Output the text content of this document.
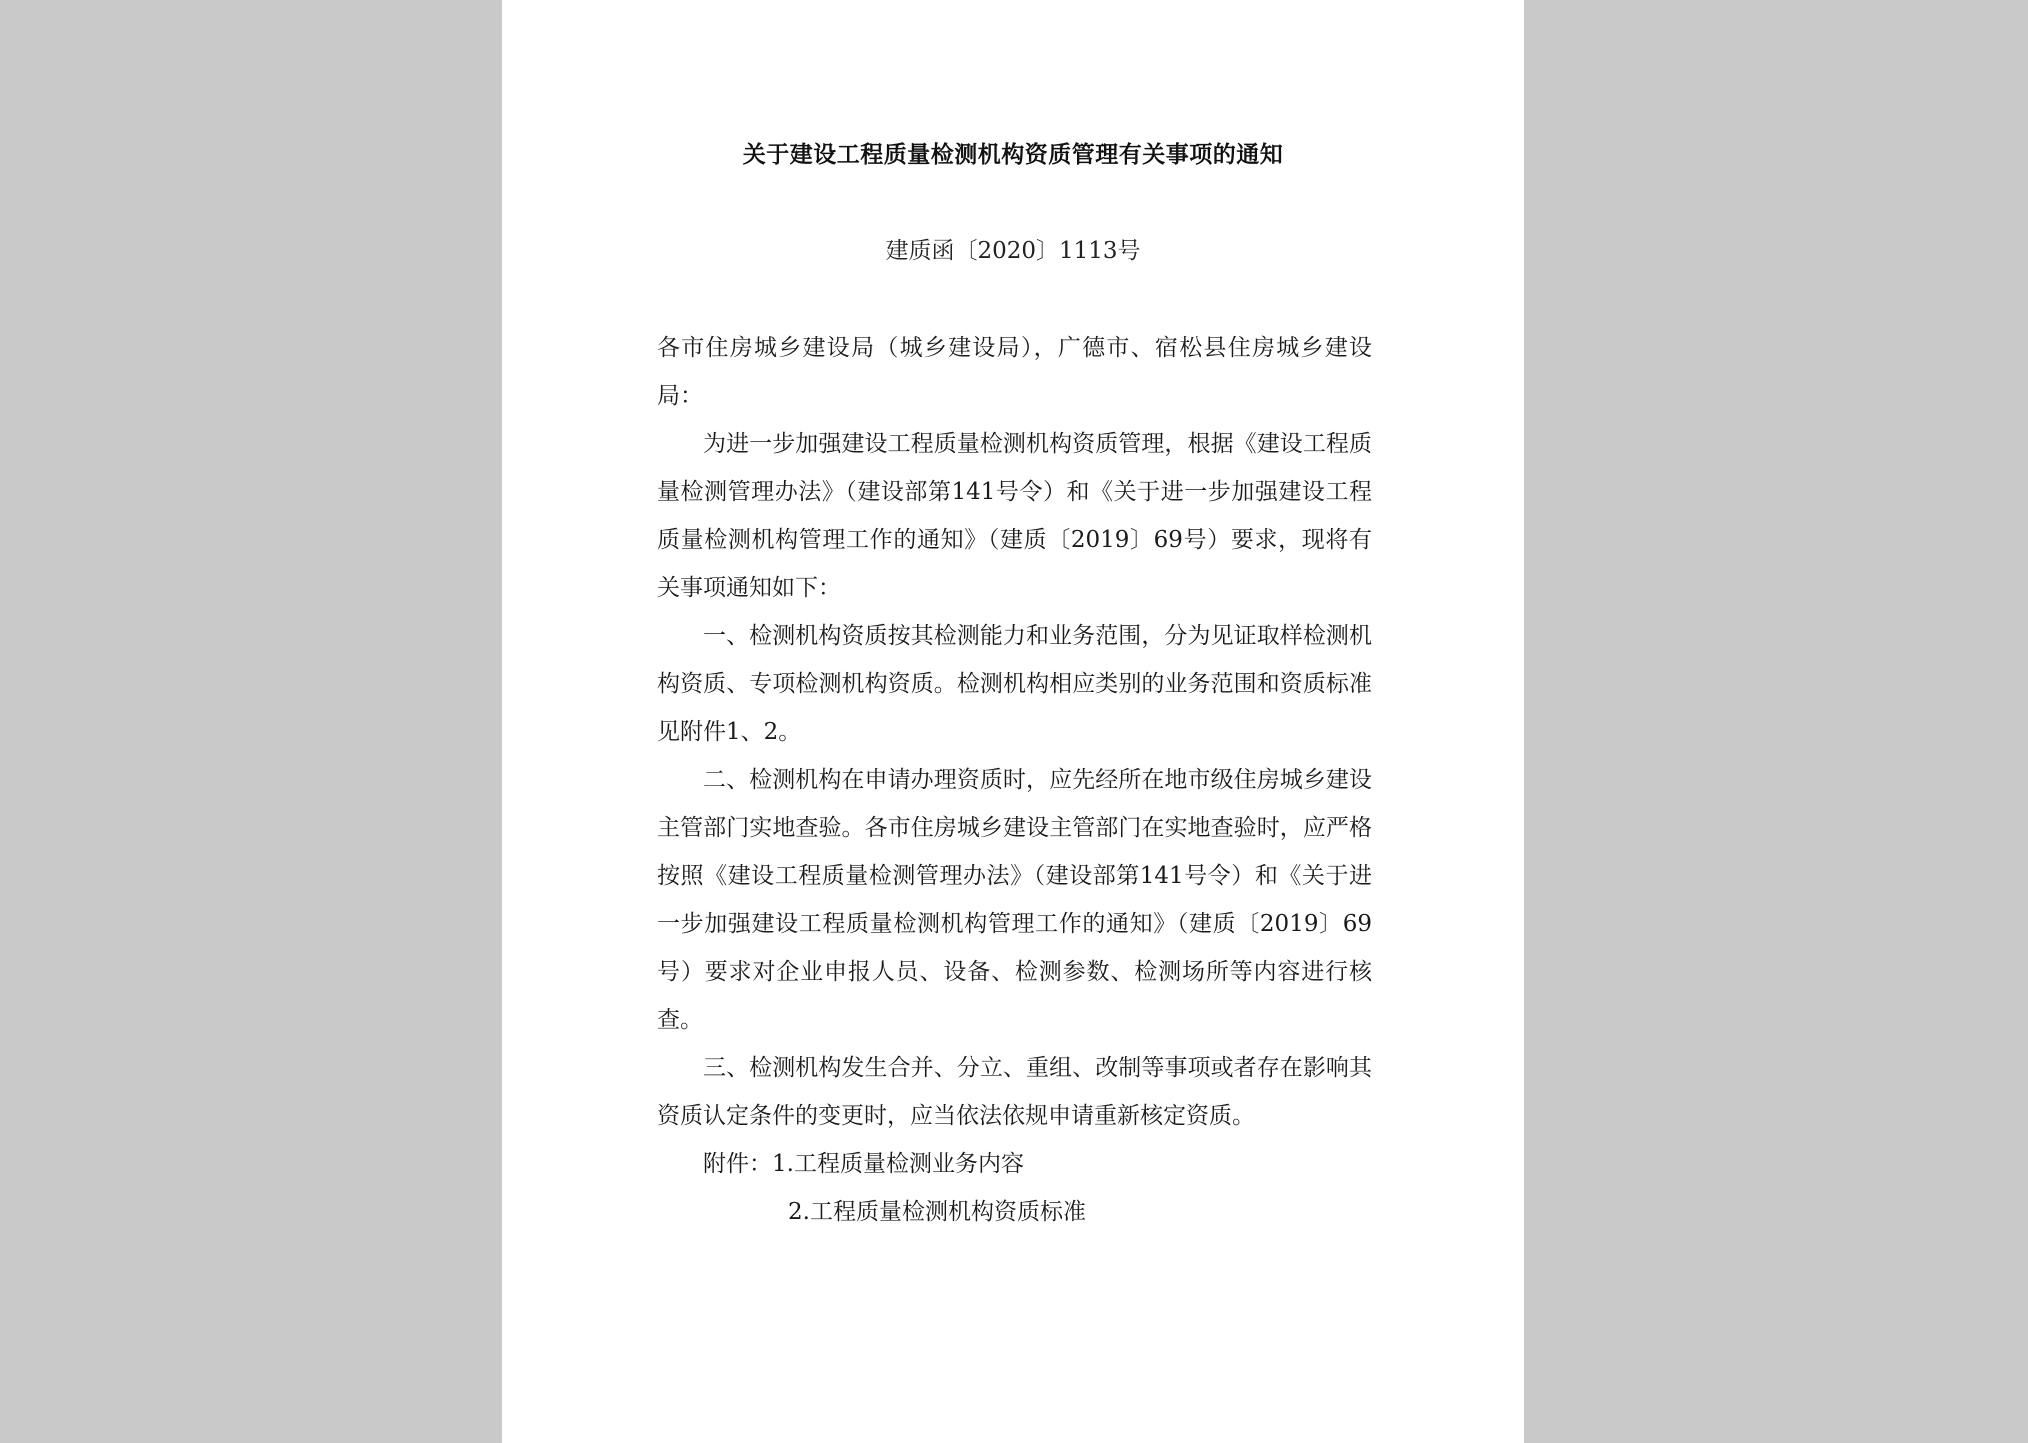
关于建设工程质量检测机构资质管理有关事项的通知

建质函〔2020〕1113号

各市住房城乡建设局（城乡建设局），广德市、宿松县住房城乡建设局：

为进一步加强建设工程质量检测机构资质管理，根据《建设工程质量检测管理办法》（建设部第141号令）和《关于进一步加强建设工程质量检测机构管理工作的通知》（建质〔2019〕69号）要求，现将有关事项通知如下：

一、检测机构资质按其检测能力和业务范围，分为见证取样检测机构资质、专项检测机构资质。检测机构相应类别的业务范围和资质标准见附件1、2。

二、检测机构在申请办理资质时，应先经所在地市级住房城乡建设主管部门实地查验。各市住房城乡建设主管部门在实地查验时，应严格按照《建设工程质量检测管理办法》（建设部第141号令）和《关于进一步加强建设工程质量检测机构管理工作的通知》（建质〔2019〕69号）要求对企业申报人员、设备、检测参数、检测场所等内容进行核查。

三、检测机构发生合并、分立、重组、改制等事项或者存在影响其资质认定条件的变更时，应当依法依规申请重新核定资质。

附件：1.工程质量检测业务内容
2.工程质量检测机构资质标准
